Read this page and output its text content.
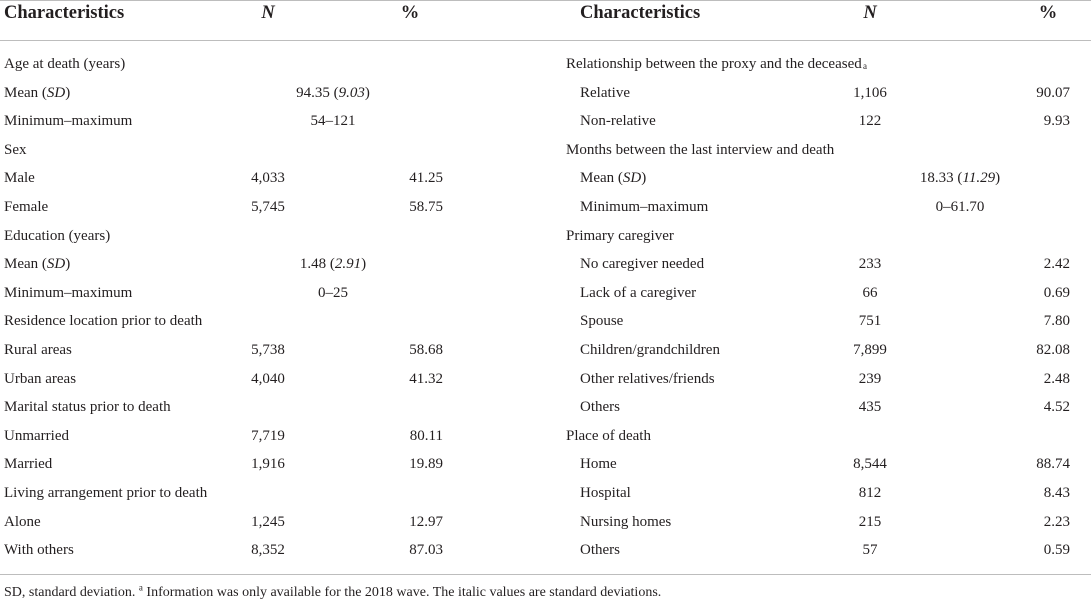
Characteristics	N	%	Characteristics	N	%
Age at death (years)
Mean (SD)	94.35 (9.03)
Minimum–maximum	54–121
Sex
Male	4,033	41.25
Female	5,745	58.75
Education (years)
Mean (SD)	1.48 (2.91)
Minimum–maximum	0–25
Residence location prior to death
Rural areas	5,738	58.68
Urban areas	4,040	41.32
Marital status prior to death
Unmarried	7,719	80.11
Married	1,916	19.89
Living arrangement prior to death
Alone	1,245	12.97
With others	8,352	87.03
Relationship between the proxy and the deceased a
Relative	1,106	90.07
Non-relative	122	9.93
Months between the last interview and death
Mean (SD)	18.33 (11.29)
Minimum–maximum	0–61.70
Primary caregiver
No caregiver needed	233	2.42
Lack of a caregiver	66	0.69
Spouse	751	7.80
Children/grandchildren	7,899	82.08
Other relatives/friends	239	2.48
Others	435	4.52
Place of death
Home	8,544	88.74
Hospital	812	8.43
Nursing homes	215	2.23
Others	57	0.59
SD, standard deviation. $^a$ Information was only available for the 2018 wave. The italic values are standard deviations.
